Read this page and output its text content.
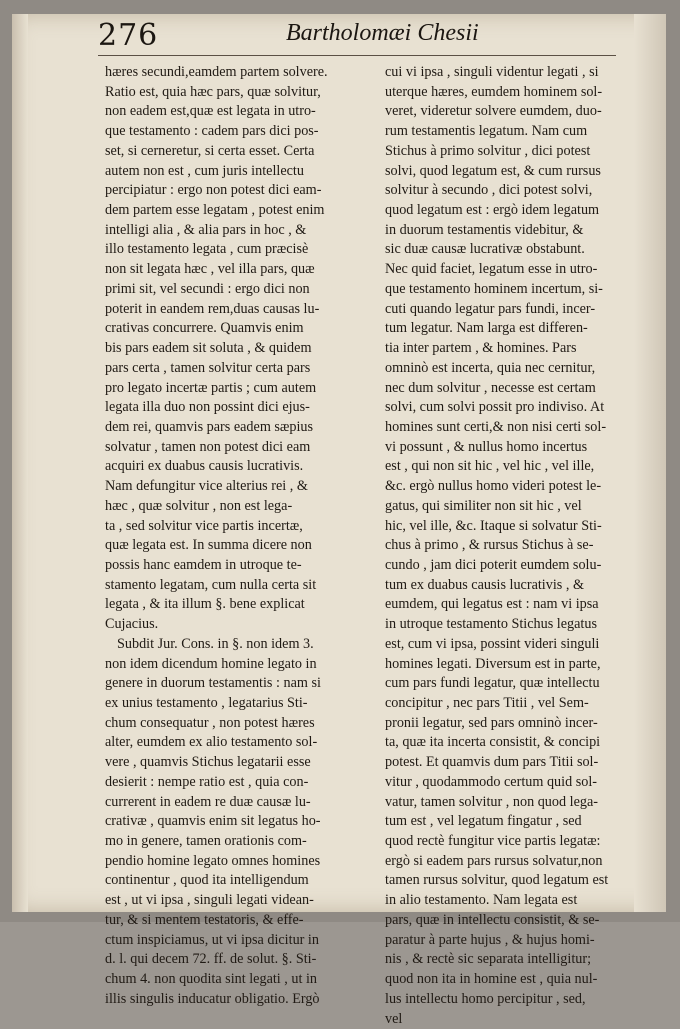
276	Bartholomæi Chesii
hæres secundi,eamdem partem solvere.
Ratio est, quia hæc pars, quæ solvitur,
non eadem est,quæ est legata in utro-
que testamento : cadem pars dici pos-
set, si cerneretur, si certa esset. Certa
autem non est , cum juris intellectu
percipiatur : ergo non potest dici eam-
dem partem esse legatam , potest enim
intelligi alia , & alia pars in hoc , &
illo testamento legata , cum præcisè
non sit legata hæc , vel illa pars, quæ
primi sit, vel secundi : ergo dici non
poterit in eandem rem,duas causas lu-
crativas concurrere. Quamvis enim
bis pars eadem sit soluta , & quidem
pars certa , tamen solvitur certa pars
pro legato incertæ partis ; cum autem
legata illa duo non possint dici ejus-
dem rei, quamvis pars eadem sæpius
solvatur , tamen non potest dici eam
acquiri ex duabus causis lucrativis.
Nam defungitur vice alterius rei , &
hæc , quæ solvitur , non est lega-
ta , sed solvitur vice partis incertæ,
quæ legata est. In summa dicere non
possis hanc eamdem in utroque te-
stamento legatam, cum nulla certa sit
legata , & ita illum §. bene explicat
Cujacius.
Subdit Jur. Cons. in §. non idem 3.
non idem dicendum homine legato in
genere in duorum testamentis : nam si
ex unius testamento , legatarius Sti-
chum consequatur , non potest hæres
alter, eumdem ex alio testamento sol-
vere , quamvis Stichus legatarii esse
desierit : nempe ratio est , quia con-
currerent in eadem re duæ causæ lu-
crativæ , quamvis enim sit legatus ho-
mo in genere, tamen orationis com-
pendio homine legato omnes homines
continentur , quod ita intelligendum
est , ut vi ipsa , singuli legati videan-
tur, & si mentem testatoris, & effe-
ctum inspiciamus, ut vi ipsa dicitur in
d. l. qui decem 72. ff. de solut. §. Sti-
chum 4. non quodita sint legati , ut in
illis singulis inducatur obligatio. Ergò
cui vi ipsa , singuli videntur legati , si
uterque hæres, eumdem hominem sol-
veret, videretur solvere eumdem, duo-
rum testamentis legatum. Nam cum
Stichus à primo solvitur , dici potest
solvi, quod legatum est, & cum rursus
solvitur à secundo , dici potest solvi,
quod legatum est : ergò idem legatum
in duorum testamentis videbitur, &
sic duæ causæ lucrativæ obstabunt.
Nec quid faciet, legatum esse in utro-
que testamento hominem incertum, si-
cuti quando legatur pars fundi, incer-
tum legatur. Nam larga est differen-
tia inter partem , & homines. Pars
omninò est incerta, quia nec cernitur,
nec dum solvitur , necesse est certam
solvi, cum solvi possit pro indiviso. At
homines sunt certi,& non nisi certi sol-
vi possunt , & nullus homo incertus
est , qui non sit hic , vel hic , vel ille,
&c. ergò nullus homo videri potest le-
gatus, qui similiter non sit hic , vel
hic, vel ille, &c. Itaque si solvatur Sti-
chus à primo , & rursus Stichus à se-
cundo , jam dici poterit eumdem solu-
tum ex duabus causis lucrativis , &
eumdem, qui legatus est : nam vi ipsa
in utroque testamento Stichus legatus
est, cum vi ipsa, possint videri singuli
homines legati. Diversum est in parte,
cum pars fundi legatur, quæ intellectu
concipitur , nec pars Titii , vel Sem-
pronii legatur, sed pars omninò incer-
ta, quæ ita incerta consistit, & concipi
potest. Et quamvis dum pars Titii sol-
vitur , quodammodo certum quid sol-
vatur, tamen solvitur , non quod lega-
tum est , vel legatum fingatur , sed
quod rectè fungitur vice partis legatæ:
ergò si eadem pars rursus solvatur,non
tamen rursus solvitur, quod legatum est
in alio testamento. Nam legata est
pars, quæ in intellectu consistit, & se-
paratur à parte hujus , & hujus homi-
nis , & rectè sic separata intelligitur;
quod non ita in homine est , quia nul-
lus intellectu homo percipitur , sed,
vel
